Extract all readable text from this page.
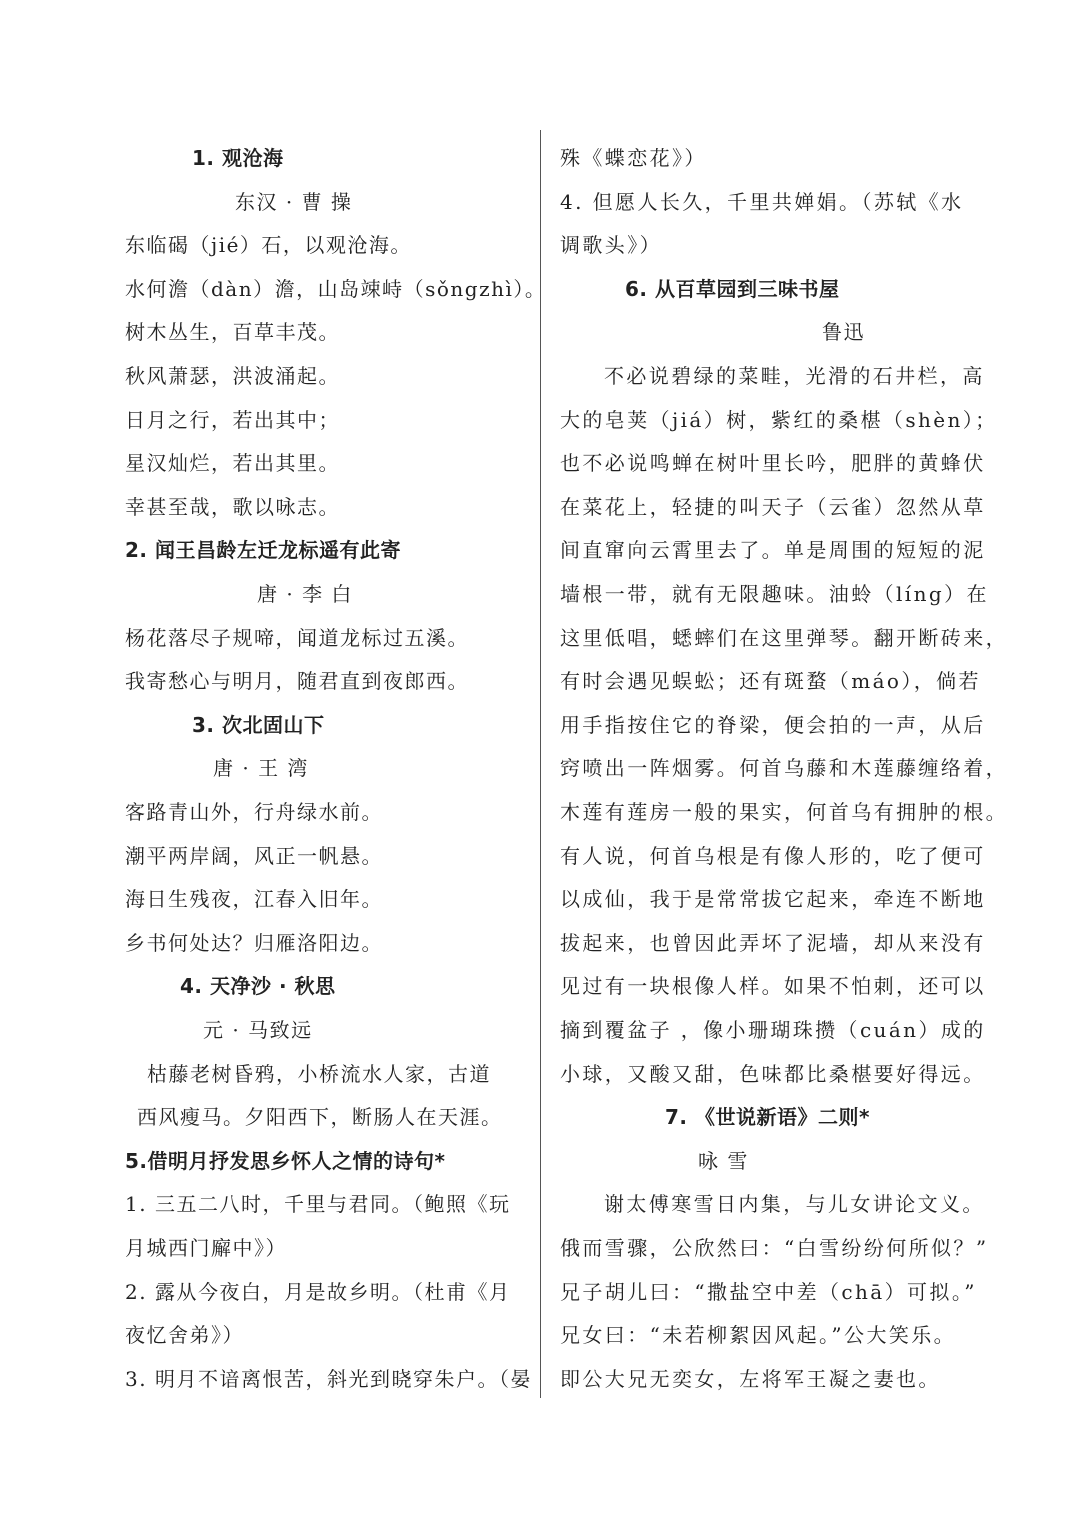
1. 观沧海
东汉 · 曹 操
东临碣（jié）石，以观沧海。
水何澹（dàn）澹，山岛竦峙（sǒngzhì）。
树木丛生，百草丰茂。
秋风萧瑟，洪波涌起。
日月之行，若出其中；
星汉灿烂，若出其里。
幸甚至哉，歌以咏志。
2. 闻王昌龄左迁龙标遥有此寄
唐 · 李 白
杨花落尽子规啼，闻道龙标过五溪。
我寄愁心与明月，随君直到夜郎西。
3. 次北固山下
唐 · 王 湾
客路青山外，行舟绿水前。
潮平两岸阔，风正一帆悬。
海日生残夜，江春入旧年。
乡书何处达？归雁洛阳边。
4. 天净沙 · 秋思
元 · 马致远
枯藤老树昏鸦，小桥流水人家，古道
西风瘦马。夕阳西下，断肠人在天涯。
5.借明月抒发思乡怀人之情的诗句*
1. 三五二八时，千里与君同。（鲍照《玩
月城西门廨中》）
2. 露从今夜白，月是故乡明。（杜甫《月
夜忆舍弟》）
3. 明月不谙离恨苦，斜光到晓穿朱户。（晏
殊《蝶恋花》）
4. 但愿人长久，千里共婵娟。（苏轼《水
调歌头》）
6. 从百草园到三味书屋
鲁迅
不必说碧绿的菜畦，光滑的石井栏，高
大的皂荚（jiá）树，紫红的桑椹（shèn）；
也不必说鸣蝉在树叶里长吟，肥胖的黄蜂伏
在菜花上，轻捷的叫天子（云雀）忽然从草
间直窜向云霄里去了。单是周围的短短的泥
墙根一带，就有无限趣味。油蛉（líng）在
这里低唱，蟋蟀们在这里弹琴。翻开断砖来，
有时会遇见蜈蚣；还有斑蝥（máo），倘若
用手指按住它的脊梁，便会拍的一声，从后
窍喷出一阵烟雾。何首乌藤和木莲藤缠络着，
木莲有莲房一般的果实，何首乌有拥肿的根。
有人说，何首乌根是有像人形的，吃了便可
以成仙，我于是常常拔它起来，牵连不断地
拔起来，也曾因此弄坏了泥墙，却从来没有
见过有一块根像人样。如果不怕刺，还可以
摘到覆盆子 ，像小珊瑚珠攒（cuán）成的
小球，又酸又甜，色味都比桑椹要好得远。
7. 《世说新语》二则*
咏 雪
谢太傅寒雪日内集，与儿女讲论文义。
俄而雪骤，公欣然曰：“白雪纷纷何所似？”
兄子胡儿曰：“撒盐空中差（chā）可拟。”
兄女曰：“未若柳絮因风起。”公大笑乐。
即公大兄无奕女，左将军王凝之妻也。
